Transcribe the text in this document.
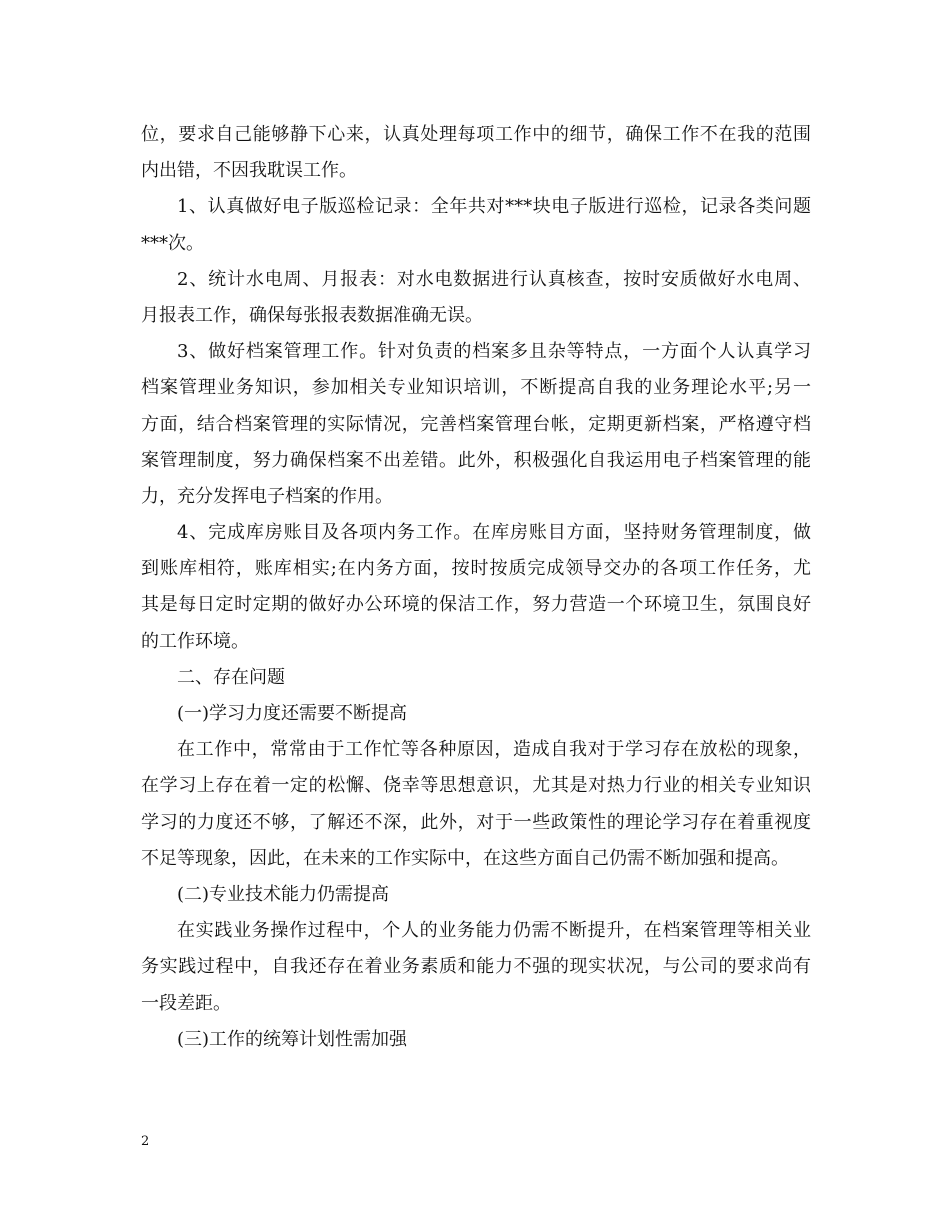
位，要求自己能够静下心来，认真处理每项工作中的细节，确保工作不在我的范围
内出错，不因我耽误工作。
1、认真做好电子版巡检记录：全年共对***块电子版进行巡检，记录各类问题
***次。
2、统计水电周、月报表：对水电数据进行认真核查，按时安质做好水电周、
月报表工作，确保每张报表数据准确无误。
3、做好档案管理工作。针对负责的档案多且杂等特点，一方面个人认真学习
档案管理业务知识，参加相关专业知识培训，不断提高自我的业务理论水平;另一
方面，结合档案管理的实际情况，完善档案管理台帐，定期更新档案，严格遵守档
案管理制度，努力确保档案不出差错。此外，积极强化自我运用电子档案管理的能
力，充分发挥电子档案的作用。
4、完成库房账目及各项内务工作。在库房账目方面，坚持财务管理制度，做
到账库相符，账库相实;在内务方面，按时按质完成领导交办的各项工作任务，尤
其是每日定时定期的做好办公环境的保洁工作，努力营造一个环境卫生，氛围良好
的工作环境。
二、存在问题
(一)学习力度还需要不断提高
在工作中，常常由于工作忙等各种原因，造成自我对于学习存在放松的现象，
在学习上存在着一定的松懈、侥幸等思想意识，尤其是对热力行业的相关专业知识
学习的力度还不够，了解还不深，此外，对于一些政策性的理论学习存在着重视度
不足等现象，因此，在未来的工作实际中，在这些方面自己仍需不断加强和提高。
(二)专业技术能力仍需提高
在实践业务操作过程中，个人的业务能力仍需不断提升，在档案管理等相关业
务实践过程中，自我还存在着业务素质和能力不强的现实状况，与公司的要求尚有
一段差距。
(三)工作的统筹计划性需加强
2
